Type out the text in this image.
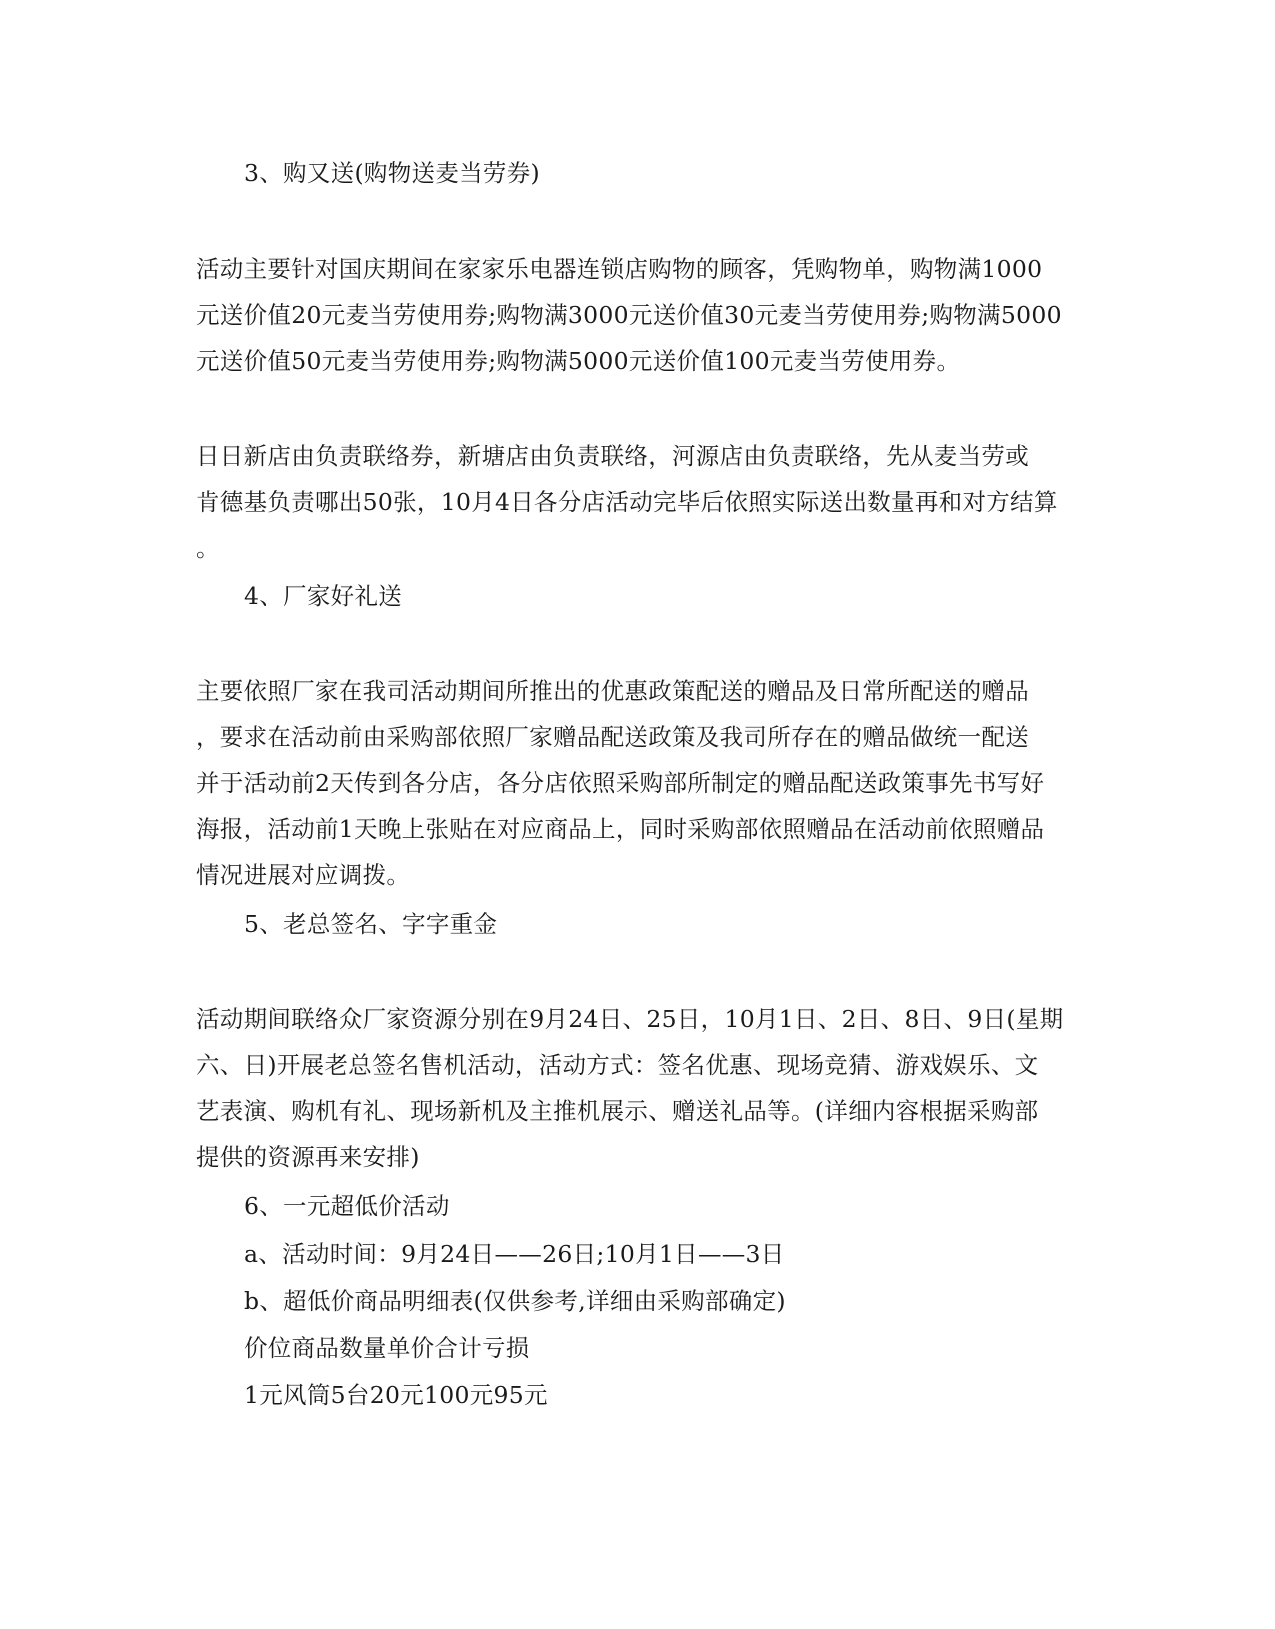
3、购又送(购物送麦当劳券)
活动主要针对国庆期间在家家乐电器连锁店购物的顾客，凭购物单，购物满1000
元送价值20元麦当劳使用券;购物满3000元送价值30元麦当劳使用券;购物满5000
元送价值50元麦当劳使用券;购物满5000元送价值100元麦当劳使用券。
日日新店由负责联络券，新塘店由负责联络，河源店由负责联络，先从麦当劳或
肯德基负责哪出50张，10月4日各分店活动完毕后依照实际送出数量再和对方结算
。
4、厂家好礼送
主要依照厂家在我司活动期间所推出的优惠政策配送的赠品及日常所配送的赠品
，要求在活动前由采购部依照厂家赠品配送政策及我司所存在的赠品做统一配送
并于活动前2天传到各分店，各分店依照采购部所制定的赠品配送政策事先书写好
海报，活动前1天晚上张贴在对应商品上，同时采购部依照赠品在活动前依照赠品
情况进展对应调拨。
5、老总签名、字字重金
活动期间联络众厂家资源分别在9月24日、25日，10月1日、2日、8日、9日(星期
六、日)开展老总签名售机活动，活动方式：签名优惠、现场竞猜、游戏娱乐、文
艺表演、购机有礼、现场新机及主推机展示、赠送礼品等。(详细内容根据采购部
提供的资源再来安排)
6、一元超低价活动
a、活动时间：9月24日——26日;10月1日——3日
b、超低价商品明细表(仅供参考,详细由采购部确定)
价位商品数量单价合计亏损
1元风筒5台20元100元95元
